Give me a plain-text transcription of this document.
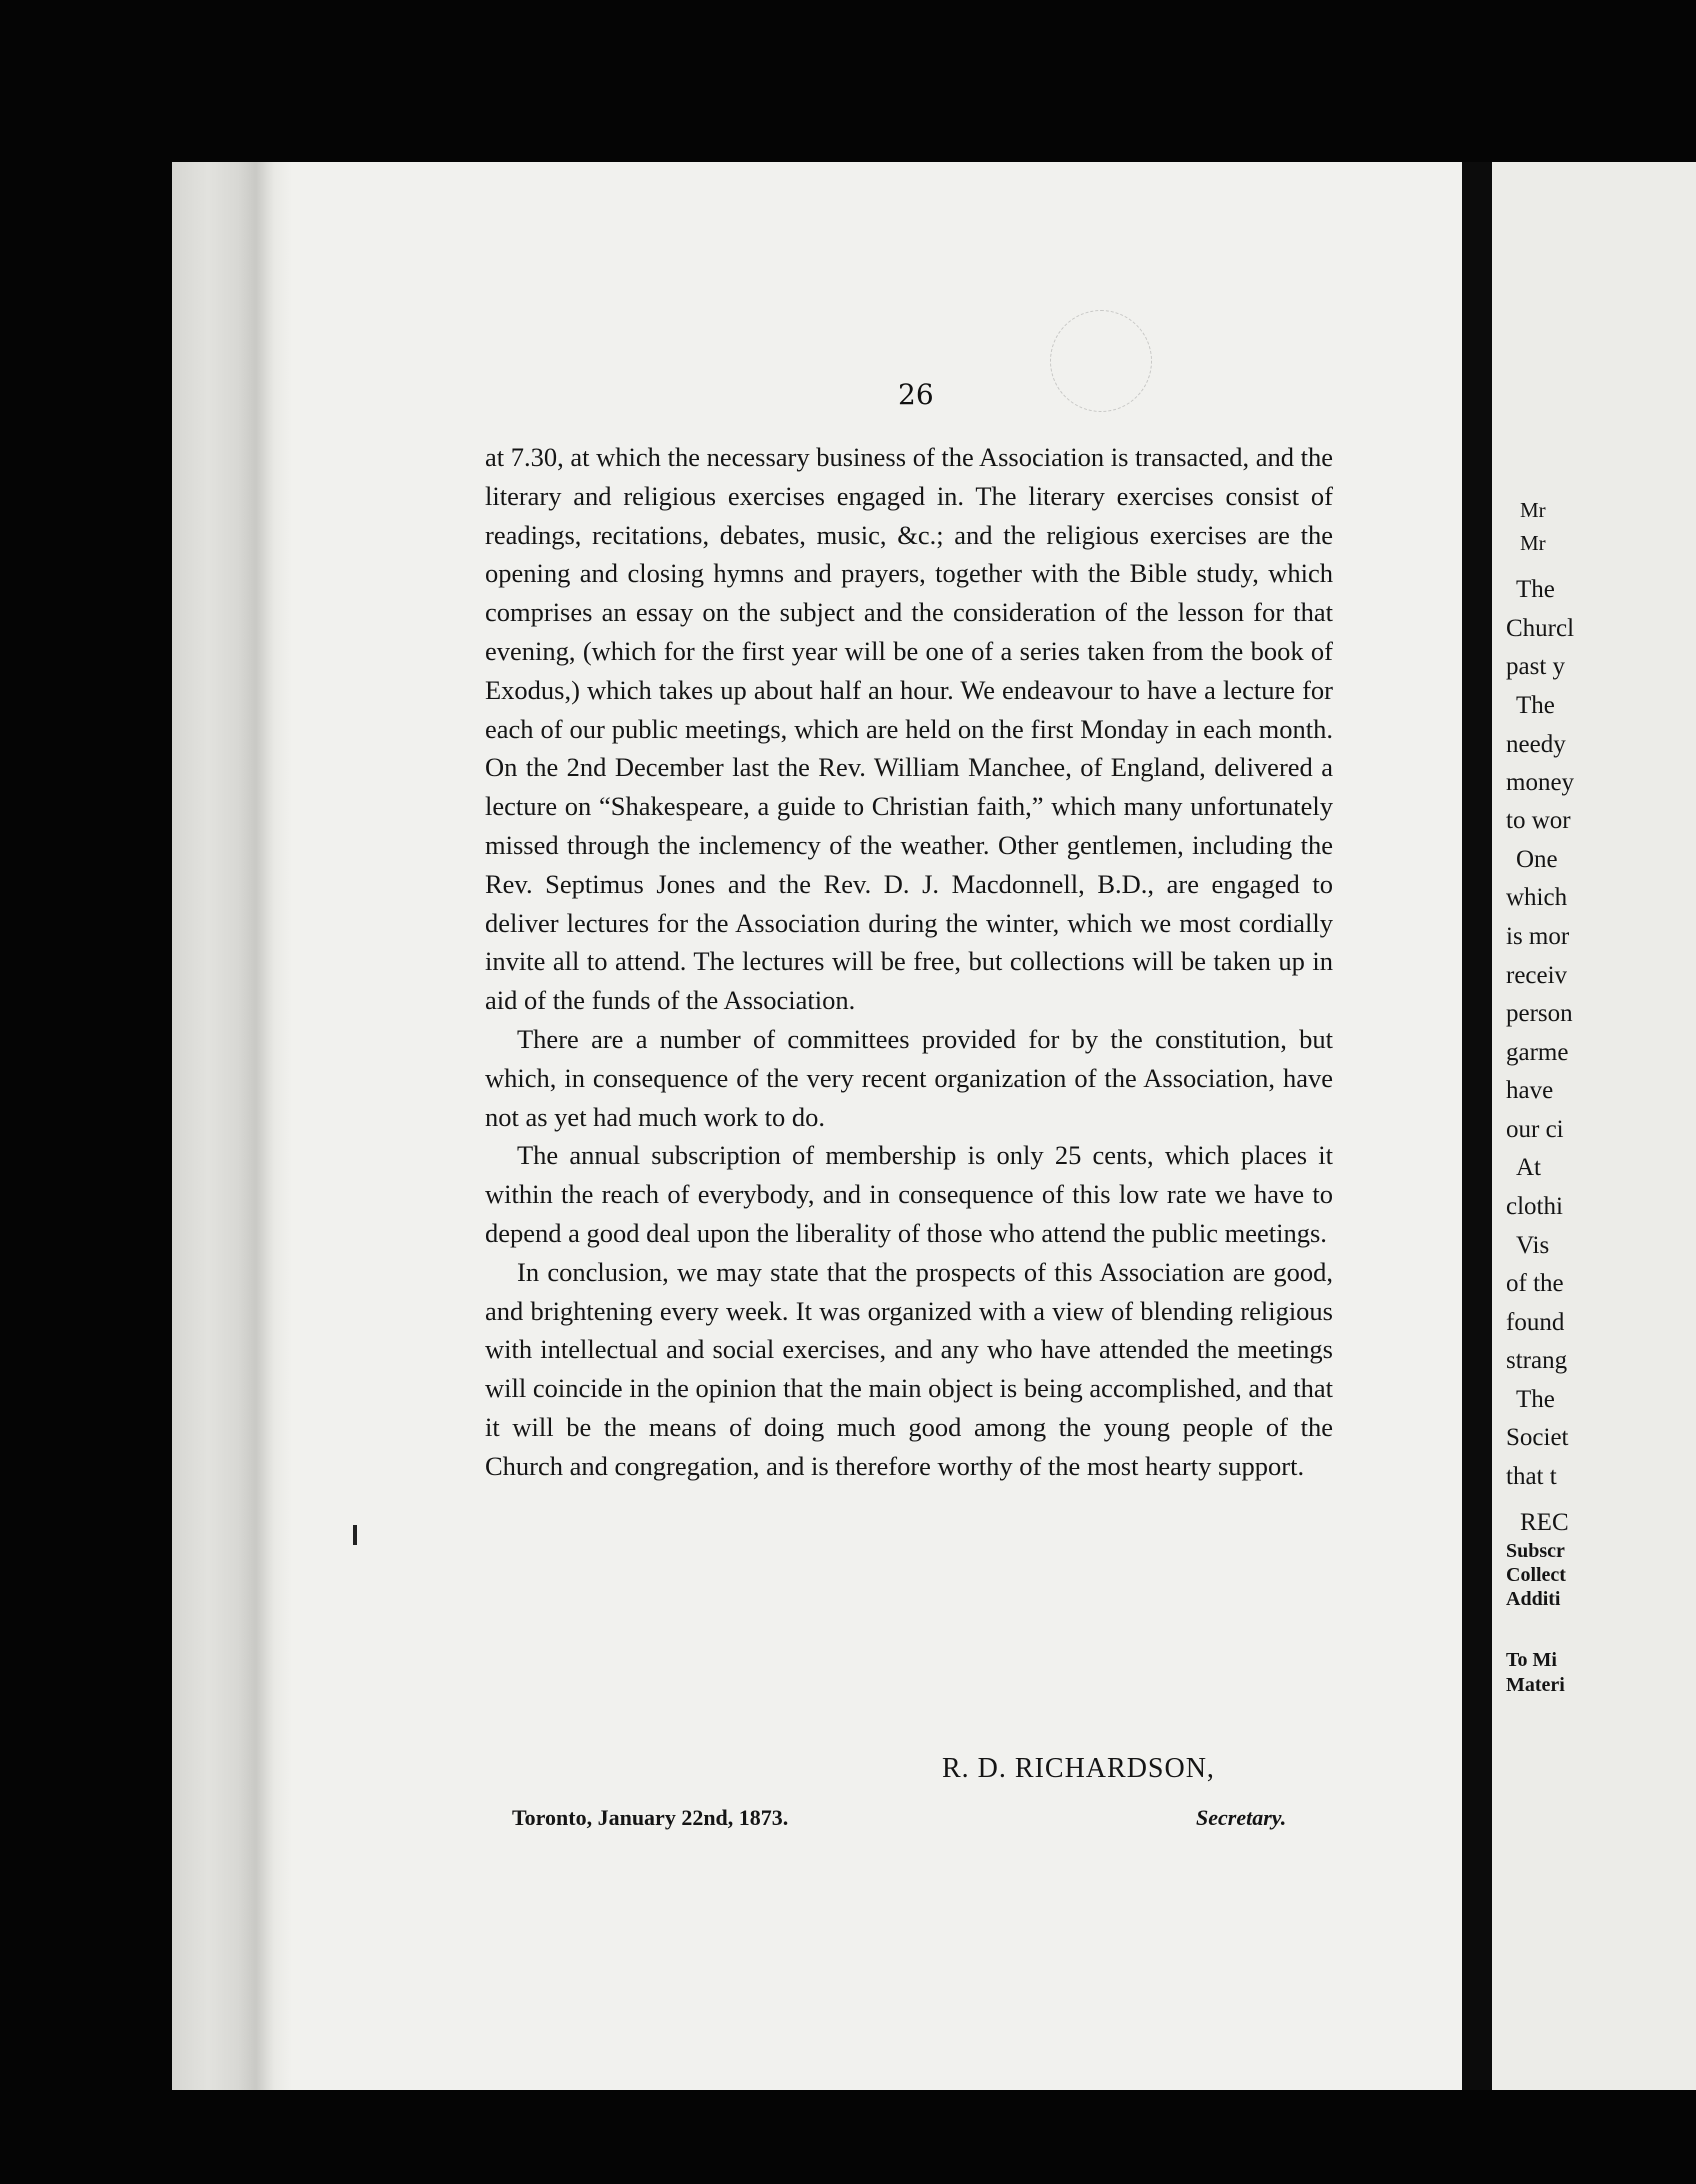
Mr
Mr
The
Churcl
past y
The
needy
money
to wor
One
which
is mor
receiv
person
garme
have
our ci
At
clothi
Vis
of the
found
strang
The
Societ
that t
REC
Subscr
Collect
Additi
To Mi
Materi
26

at 7.30, at which the necessary business of the Association is transacted, and the literary and religious exercises engaged in. The literary exercises consist of readings, recitations, debates, music, &c.; and the religious exercises are the opening and closing hymns and prayers, together with the Bible study, which comprises an essay on the subject and the consideration of the lesson for that evening, (which for the first year will be one of a series taken from the book of Exodus,) which takes up about half an hour. We endeavour to have a lecture for each of our public meetings, which are held on the first Monday in each month. On the 2nd December last the Rev. William Manchee, of England, delivered a lecture on “Shakespeare, a guide to Christian faith,” which many unfortunately missed through the inclemency of the weather. Other gentlemen, including the Rev. Septimus Jones and the Rev. D. J. Macdonnell, B.D., are engaged to deliver lectures for the Association during the winter, which we most cordially invite all to attend. The lectures will be free, but collections will be taken up in aid of the funds of the Association.

There are a number of committees provided for by the constitution, but which, in consequence of the very recent organization of the Association, have not as yet had much work to do.

The annual subscription of membership is only 25 cents, which places it within the reach of everybody, and in consequence of this low rate we have to depend a good deal upon the liberality of those who attend the public meetings.

In conclusion, we may state that the prospects of this Association are good, and brightening every week. It was organized with a view of blending religious with intellectual and social exercises, and any who have attended the meetings will coincide in the opinion that the main object is being accomplished, and that it will be the means of doing much good among the young people of the Church and congregation, and is therefore worthy of the most hearty support.

R. D. RICHARDSON,
Toronto, January 22nd, 1873.	Secretary.
